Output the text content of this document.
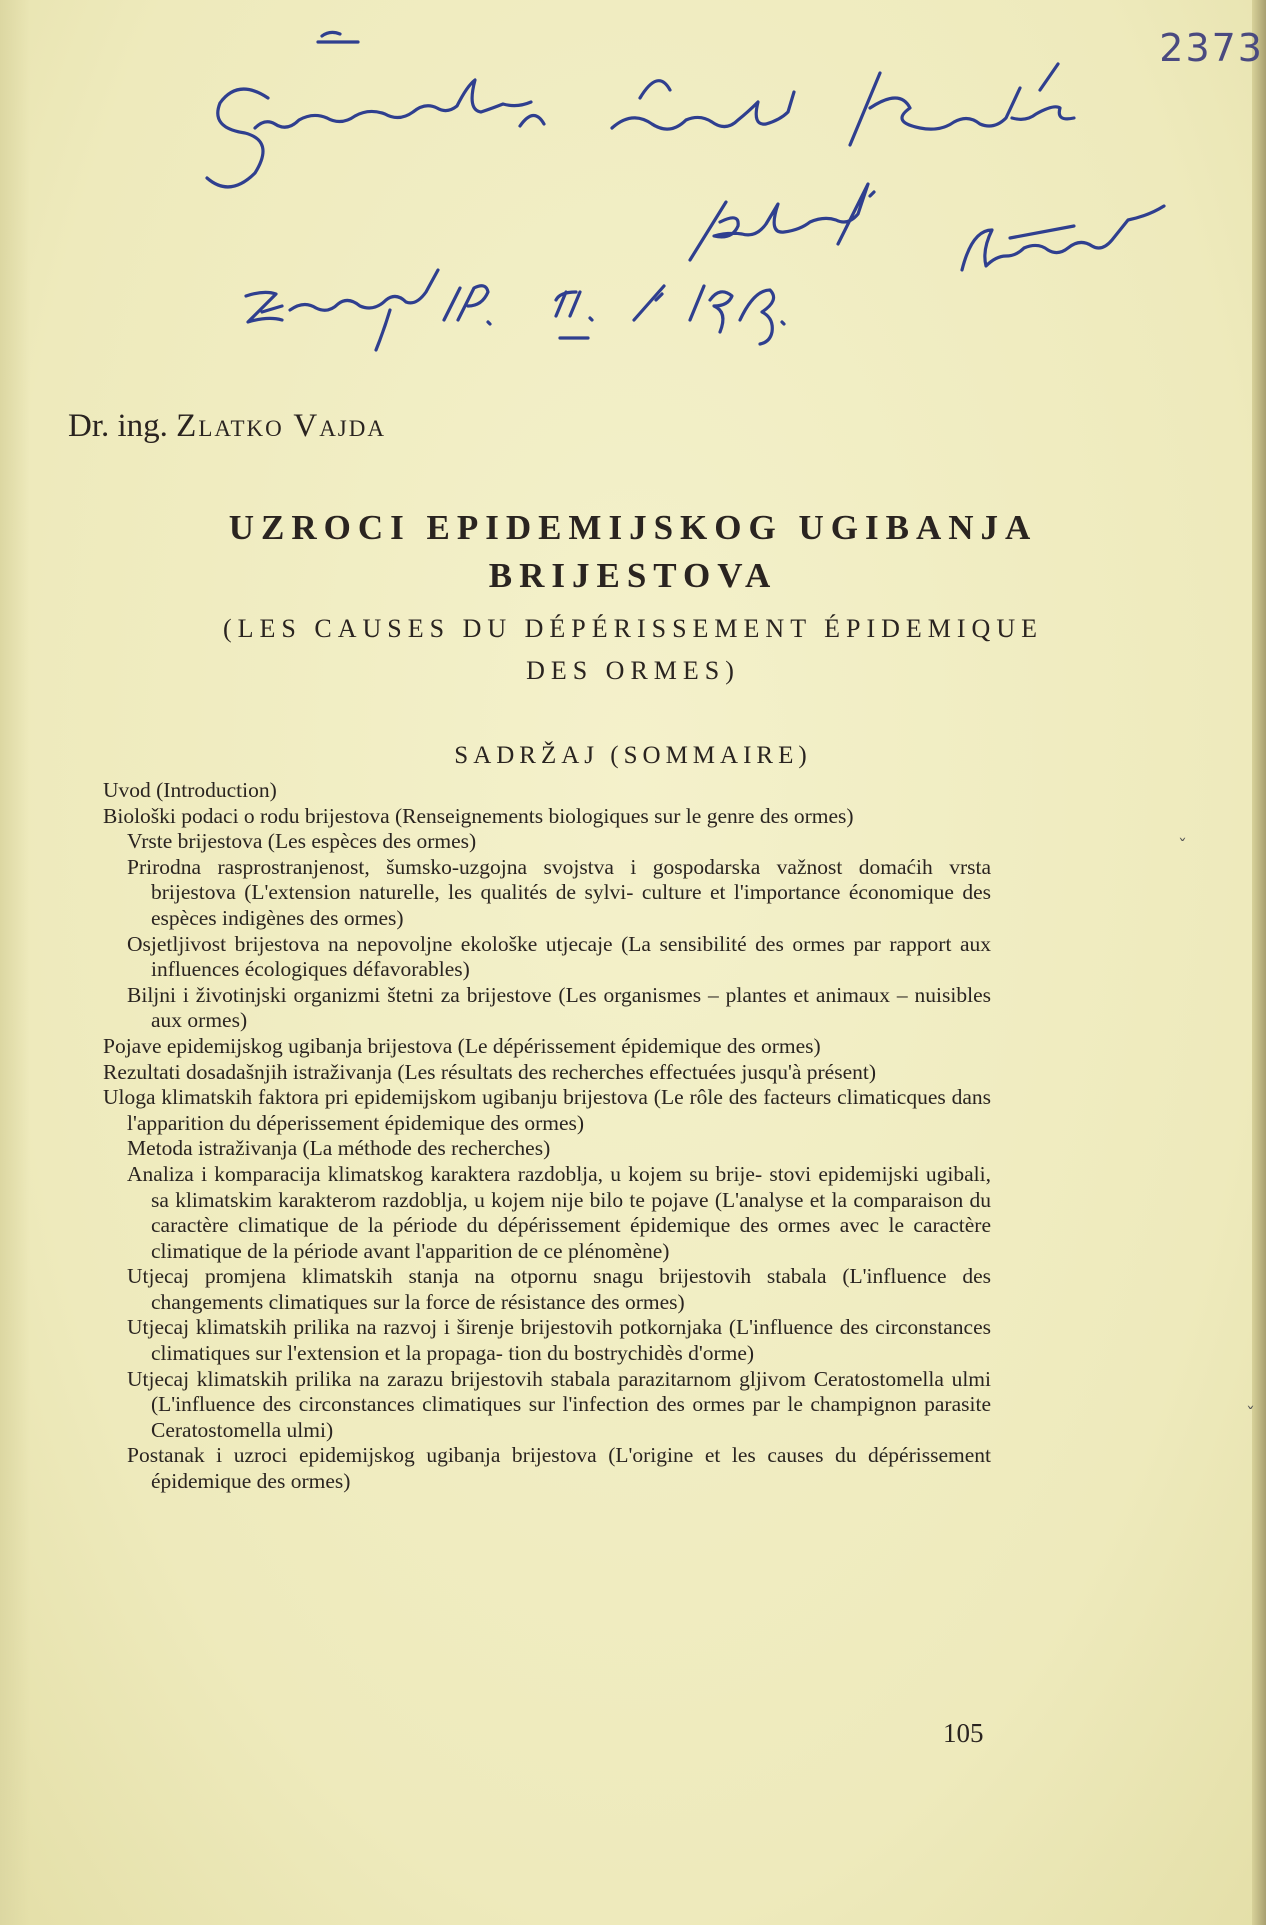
2373
Dr. ing. Zlatko Vajda
UZROCI EPIDEMIJSKOG UGIBANJA
BRIJESTOVA
(LES CAUSES DU DÉPÉRISSEMENT ÉPIDEMIQUE
DES ORMES)
SADRŽAJ (SOMMAIRE)
Uvod (Introduction)
Biološki podaci o rodu brijestova (Renseignements biologiques sur le genre des ormes)
Vrste brijestova (Les espèces des ormes)
Prirodna rasprostranjenost, šumsko-uzgojna svojstva i gospodarska važnost domaćih vrsta brijestova (L'extension naturelle, les qualités de sylvi- culture et l'importance économique des espèces indigènes des ormes)
Osjetljivost brijestova na nepovoljne ekološke utjecaje (La sensibilité des ormes par rapport aux influences écologiques défavorables)
Biljni i životinjski organizmi štetni za brijestove (Les organismes – plantes et animaux – nuisibles aux ormes)
Pojave epidemijskog ugibanja brijestova (Le dépérissement épidemique des ormes)
Rezultati dosadašnjih istraživanja (Les résultats des recherches effectuées jusqu'à présent)
Uloga klimatskih faktora pri epidemijskom ugibanju brijestova (Le rôle des facteurs climaticques dans l'apparition du déperissement épidemique des ormes)
Metoda istraživanja (La méthode des recherches)
Analiza i komparacija klimatskog karaktera razdoblja, u kojem su brije- stovi epidemijski ugibali, sa klimatskim karakterom razdoblja, u kojem nije bilo te pojave (L'analyse et la comparaison du caractère climatique de la période du dépérissement épidemique des ormes avec le caractère climatique de la période avant l'apparition de ce plénomène)
Utjecaj promjena klimatskih stanja na otpornu snagu brijestovih stabala (L'influence des changements climatiques sur la force de résistance des ormes)
Utjecaj klimatskih prilika na razvoj i širenje brijestovih potkornjaka (L'influence des circonstances climatiques sur l'extension et la propaga- tion du bostrychidès d'orme)
Utjecaj klimatskih prilika na zarazu brijestovih stabala parazitarnom gljivom Ceratostomella ulmi (L'influence des circonstances climatiques sur l'infection des ormes par le champignon parasite Ceratostomella ulmi)
Postanak i uzroci epidemijskog ugibanja brijestova (L'origine et les causes du dépérissement épidemique des ormes)
ˇ
ˇ
105
